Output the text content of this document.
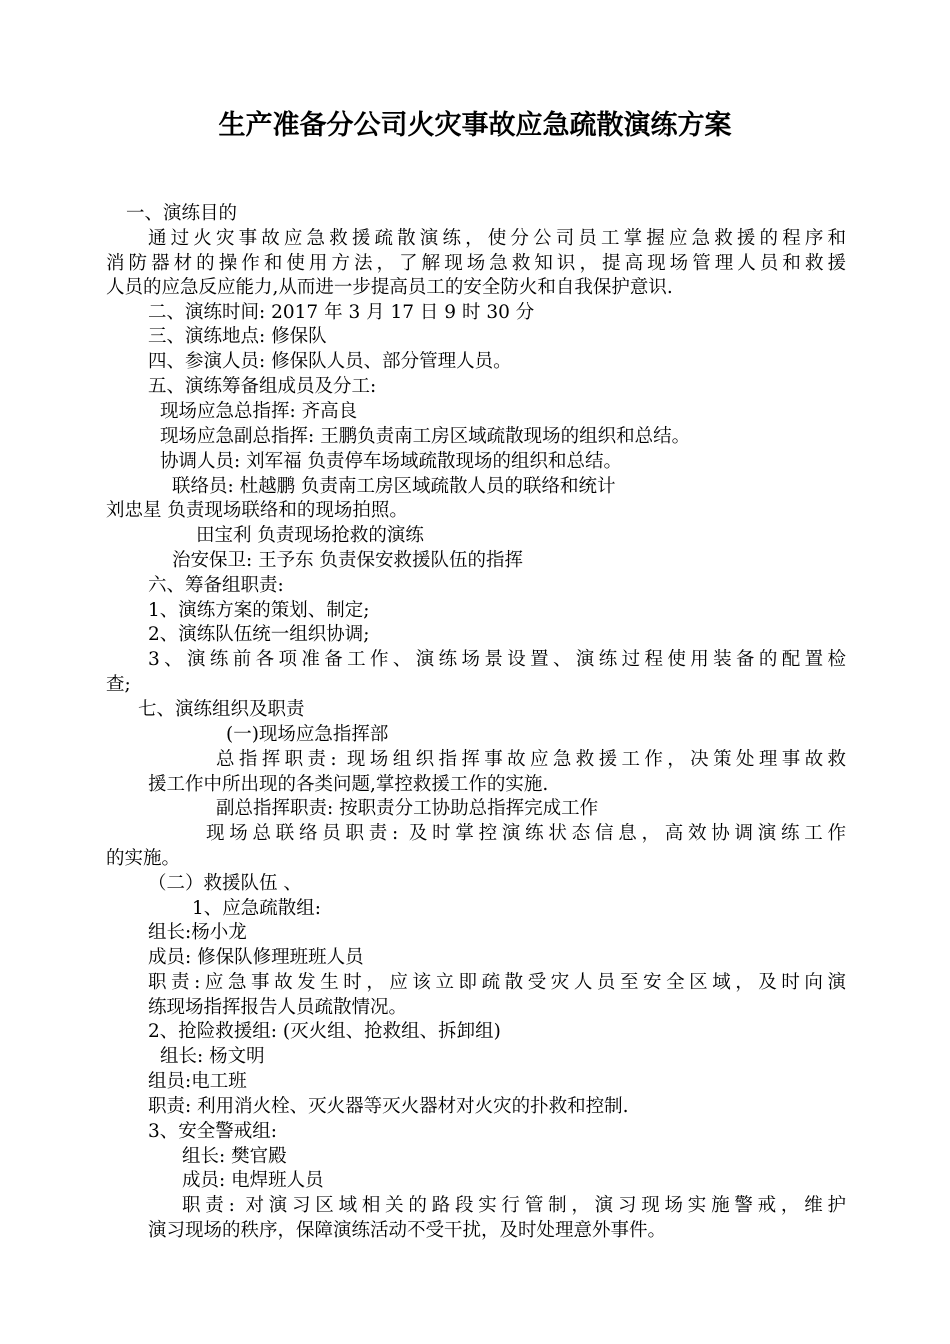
生产准备分公司火灾事故应急疏散演练方案
一、演练目的
通过火灾事故应急救援疏散演练，使分公司员工掌握应急救援的程序和
消防器材的操作和使用方法，了解现场急救知识，提高现场管理人员和救援
人员的应急反应能力,从而进一步提高员工的安全防火和自我保护意识.
二、演练时间: 2017 年 3 月 17 日 9 时 30 分
三、演练地点: 修保队
四、参演人员: 修保队人员、部分管理人员。
五、演练筹备组成员及分工:
现场应急总指挥: 齐高良
现场应急副总指挥: 王鹏负责南工房区域疏散现场的组织和总结。
协调人员: 刘军福 负责停车场域疏散现场的组织和总结。
联络员: 杜越鹏 负责南工房区域疏散人员的联络和统计
刘忠星 负责现场联络和的现场拍照。
田宝利 负责现场抢救的演练
治安保卫: 王予东 负责保安救援队伍的指挥
六、筹备组职责:
1、演练方案的策划、制定;
2、演练队伍统一组织协调;
3、演练前各项准备工作、演练场景设置、演练过程使用装备的配置检
查;
七、演练组织及职责
(一)现场应急指挥部
总指挥职责: 现场组织指挥事故应急救援工作，决策处理事故救
援工作中所出现的各类问题,掌控救援工作的实施.
副总指挥职责: 按职责分工协助总指挥完成工作
现场总联络员职责: 及时掌控演练状态信息，高效协调演练工作
的实施。
（二）救援队伍 、
1、应急疏散组:
组长:杨小龙
成员: 修保队修理班班人员
职责:应急事故发生时，应该立即疏散受灾人员至安全区域，及时向演
练现场指挥报告人员疏散情况。
2、抢险救援组: (灭火组、抢救组、拆卸组)
组长: 杨文明
组员:电工班
职责: 利用消火栓、灭火器等灭火器材对火灾的扑救和控制.
3、安全警戒组:
组长: 樊官殿
成员: 电焊班人员
职责: 对演习区域相关的路段实行管制，演习现场实施警戒，维护
演习现场的秩序，保障演练活动不受干扰，及时处理意外事件。
